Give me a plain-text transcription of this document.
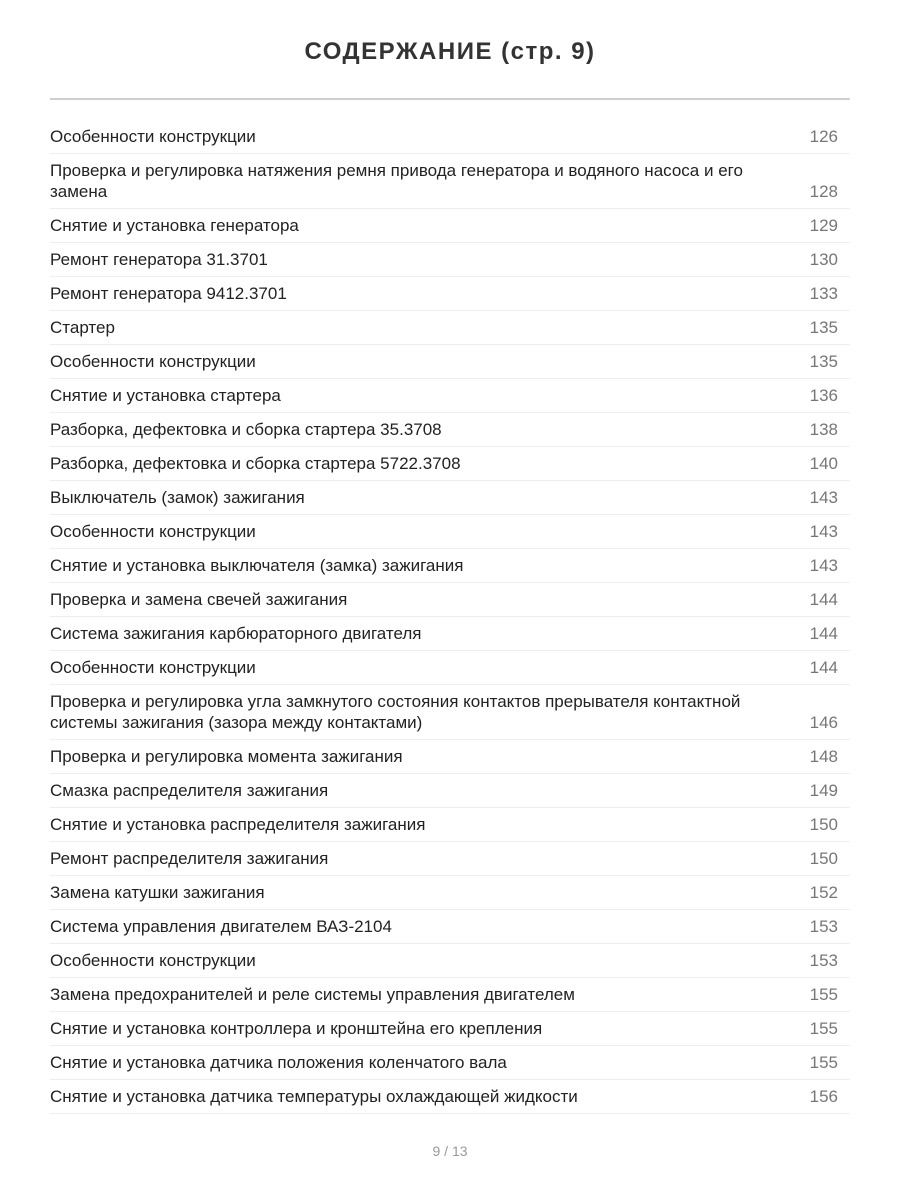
СОДЕРЖАНИЕ (стр. 9)
Особенности конструкции	126
Проверка и регулировка натяжения ремня привода генератора и водяного насоса и его замена	128
Снятие и установка генератора	129
Ремонт генератора 31.3701	130
Ремонт генератора 9412.3701	133
Стартер	135
Особенности конструкции	135
Снятие и установка стартера	136
Разборка, дефектовка и сборка стартера 35.3708	138
Разборка, дефектовка и сборка стартера 5722.3708	140
Выключатель (замок) зажигания	143
Особенности конструкции	143
Снятие и установка выключателя (замка) зажигания	143
Проверка и замена свечей зажигания	144
Система зажигания карбюраторного двигателя	144
Особенности конструкции	144
Проверка и регулировка угла замкнутого состояния контактов прерывателя контактной системы зажигания (зазора между контактами)	146
Проверка и регулировка момента зажигания	148
Смазка распределителя зажигания	149
Снятие и установка распределителя зажигания	150
Ремонт распределителя зажигания	150
Замена катушки зажигания	152
Система управления двигателем ВАЗ-2104	153
Особенности конструкции	153
Замена предохранителей и реле системы управления двигателем	155
Снятие и установка контроллера и кронштейна его крепления	155
Снятие и установка датчика положения коленчатого вала	155
Снятие и установка датчика температуры охлаждающей жидкости	156
9 / 13
